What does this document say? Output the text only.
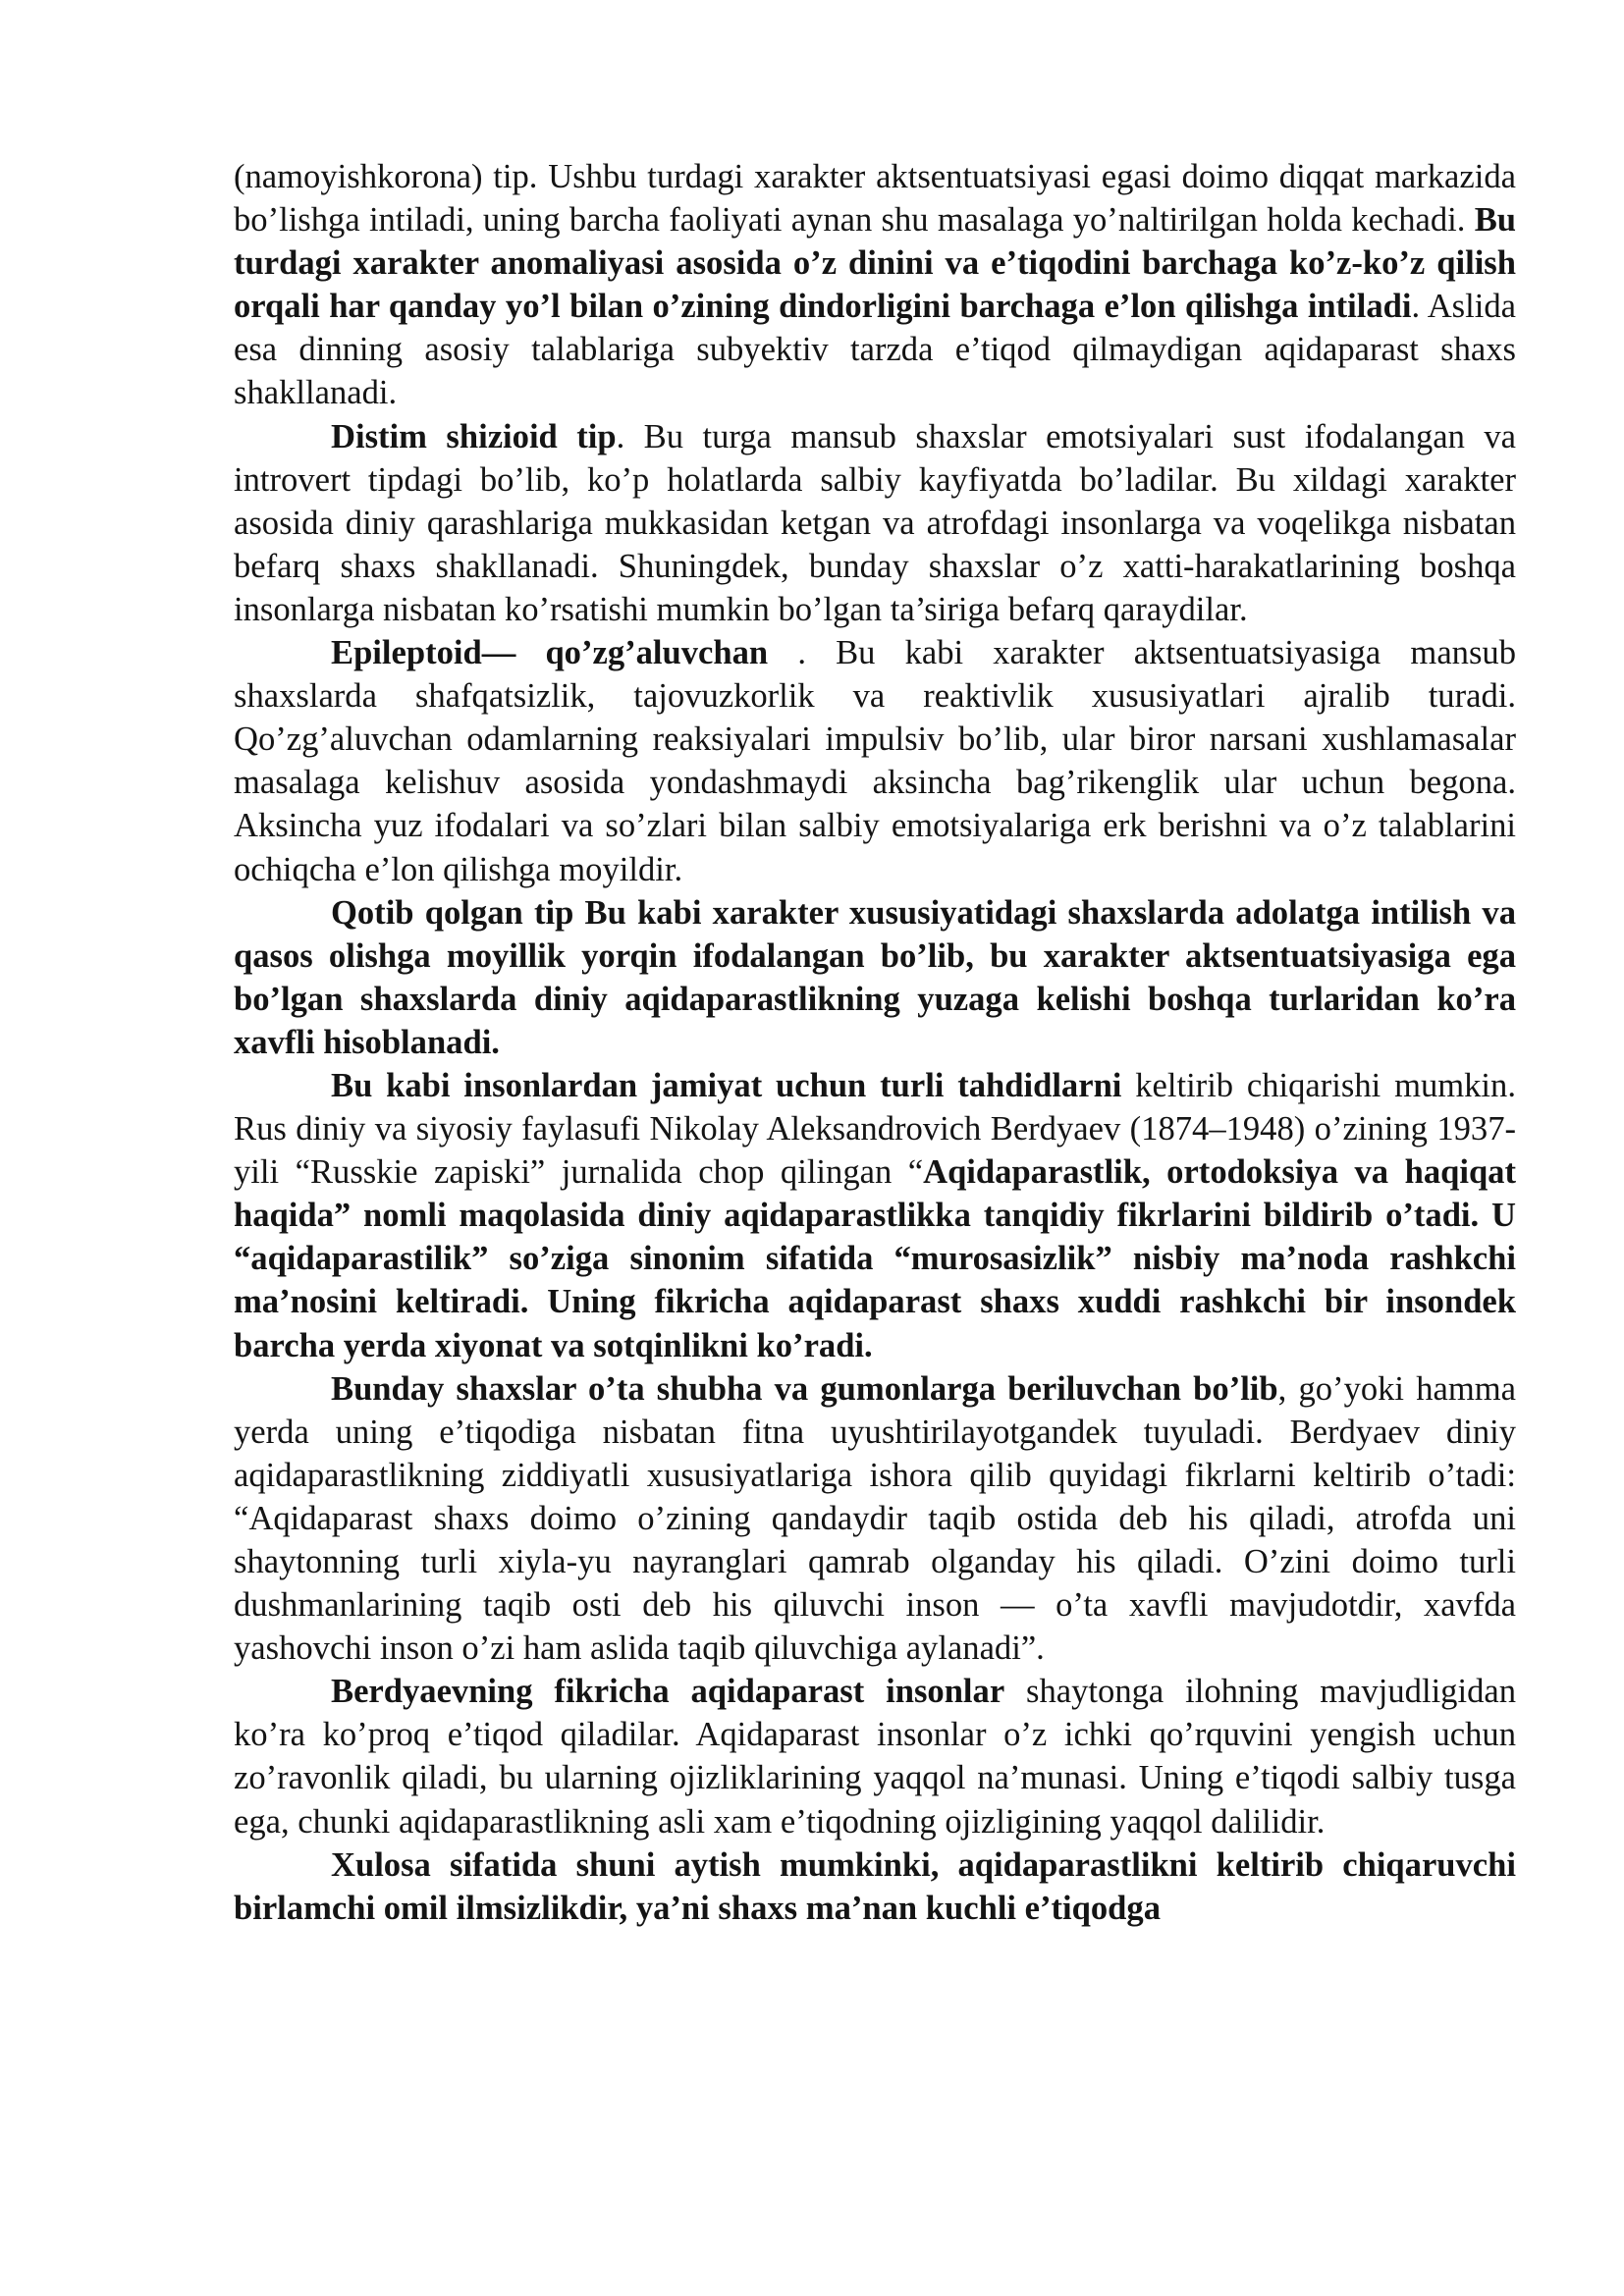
(namoyishkorona) tip. Ushbu turdagi xarakter aktsentuatsiyasi egasi doimo diqqat markazida bo’lishga intiladi, uning barcha faoliyati aynan shu masalaga yo’naltirilgan holda kechadi. Bu turdagi xarakter anomaliyasi asosida o’z dinini va e’tiqodini barchaga ko’z-ko’z qilish orqali har qanday yo’l bilan o’zining dindorligini barchaga e’lon qilishga intiladi. Aslida esa dinning asosiy talablariga subyektiv tarzda e’tiqod qilmaydigan aqidaparast shaxs shakllanadi.

Distim shizioid tip. Bu turga mansub shaxslar emotsiyalari sust ifodalangan va introvert tipdagi bo’lib, ko’p holatlarda salbiy kayfiyatda bo’ladilar. Bu xildagi xarakter asosida diniy qarashlariga mukkasidan ketgan va atrofdagi insonlarga va voqelikga nisbatan befarq shaxs shakllanadi. Shuningdek, bunday shaxslar o’z xatti-harakatlarining boshqa insonlarga nisbatan ko’rsatishi mumkin bo’lgan ta’siriga befarq qaraydilar.

Epileptoid— qo’zg’aluvchan . Bu kabi xarakter aktsentuatsiyasiga mansub shaxslarda shafqatsizlik, tajovuzkorlik va reaktivlik xususiyatlari ajralib turadi. Qo’zg’aluvchan odamlarning reaksiyalari impulsiv bo’lib, ular biror narsani xushlamasalar masalaga kelishuv asosida yondashmaydi aksincha bag’rikenglik ular uchun begona. Aksincha yuz ifodalari va so’zlari bilan salbiy emotsiyalariga erk berishni va o’z talablarini ochiqcha e’lon qilishga moyildir.

Qotib qolgan tip Bu kabi xarakter xususiyatidagi shaxslarda adolatga intilish va qasos olishga moyillik yorqin ifodalangan bo’lib, bu xarakter aktsentuatsiyasiga ega bo’lgan shaxslarda diniy aqidaparastlikning yuzaga kelishi boshqa turlaridan ko’ra xavfli hisoblanadi.

Bu kabi insonlardan jamiyat uchun turli tahdidlarni keltirib chiqarishi mumkin. Rus diniy va siyosiy faylasufi Nikolay Aleksandrovich Berdyaev (1874–1948) o’zining 1937-yili “Russkie zapiski” jurnalida chop qilingan “Aqidaparastlik, ortodoksiya va haqiqat haqida” nomli maqolasida diniy aqidaparastlikka tanqidiy fikrlarini bildirib o’tadi. U “aqidaparastilik” so’ziga sinonim sifatida “murosasizlik” nisbiy ma’noda rashkchi ma’nosini keltiradi. Uning fikricha aqidaparast shaxs xuddi rashkchi bir insondek barcha yerda xiyonat va sotqinlikni ko’radi.

Bunday shaxslar o’ta shubha va gumonlarga beriluvchan bo’lib, go’yoki hamma yerda uning e’tiqodiga nisbatan fitna uyushtirilayotgandek tuyuladi. Berdyaev diniy aqidaparastlikning ziddiyatli xususiyatlariga ishora qilib quyidagi fikrlarni keltirib o’tadi: “Aqidaparast shaxs doimo o’zining qandaydir taqib ostida deb his qiladi, atrofda uni shaytonning turli xiyla-yu nayranglari qamrab olganday his qiladi. O’zini doimo turli dushmanlarining taqib osti deb his qiluvchi inson — o’ta xavfli mavjudotdir, xavfda yashovchi inson o’zi ham aslida taqib qiluvchiga aylanadi”.

Berdyaevning fikricha aqidaparast insonlar shaytonga ilohning mavjudligidan ko’ra ko’proq e’tiqod qiladilar. Aqidaparast insonlar o’z ichki qo’rquvini yengish uchun zo’ravonlik qiladi, bu ularning ojizliklarining yaqqol na’munasi. Uning e’tiqodi salbiy tusga ega, chunki aqidaparastlikning asli xam e’tiqodning ojizligining yaqqol dalilidir.

Xulosa sifatida shuni aytish mumkinki, aqidaparastlikni keltirib chiqaruvchi birlamchi omil ilmsizlikdir, ya’ni shaxs ma’nan kuchli e’tiqodga
